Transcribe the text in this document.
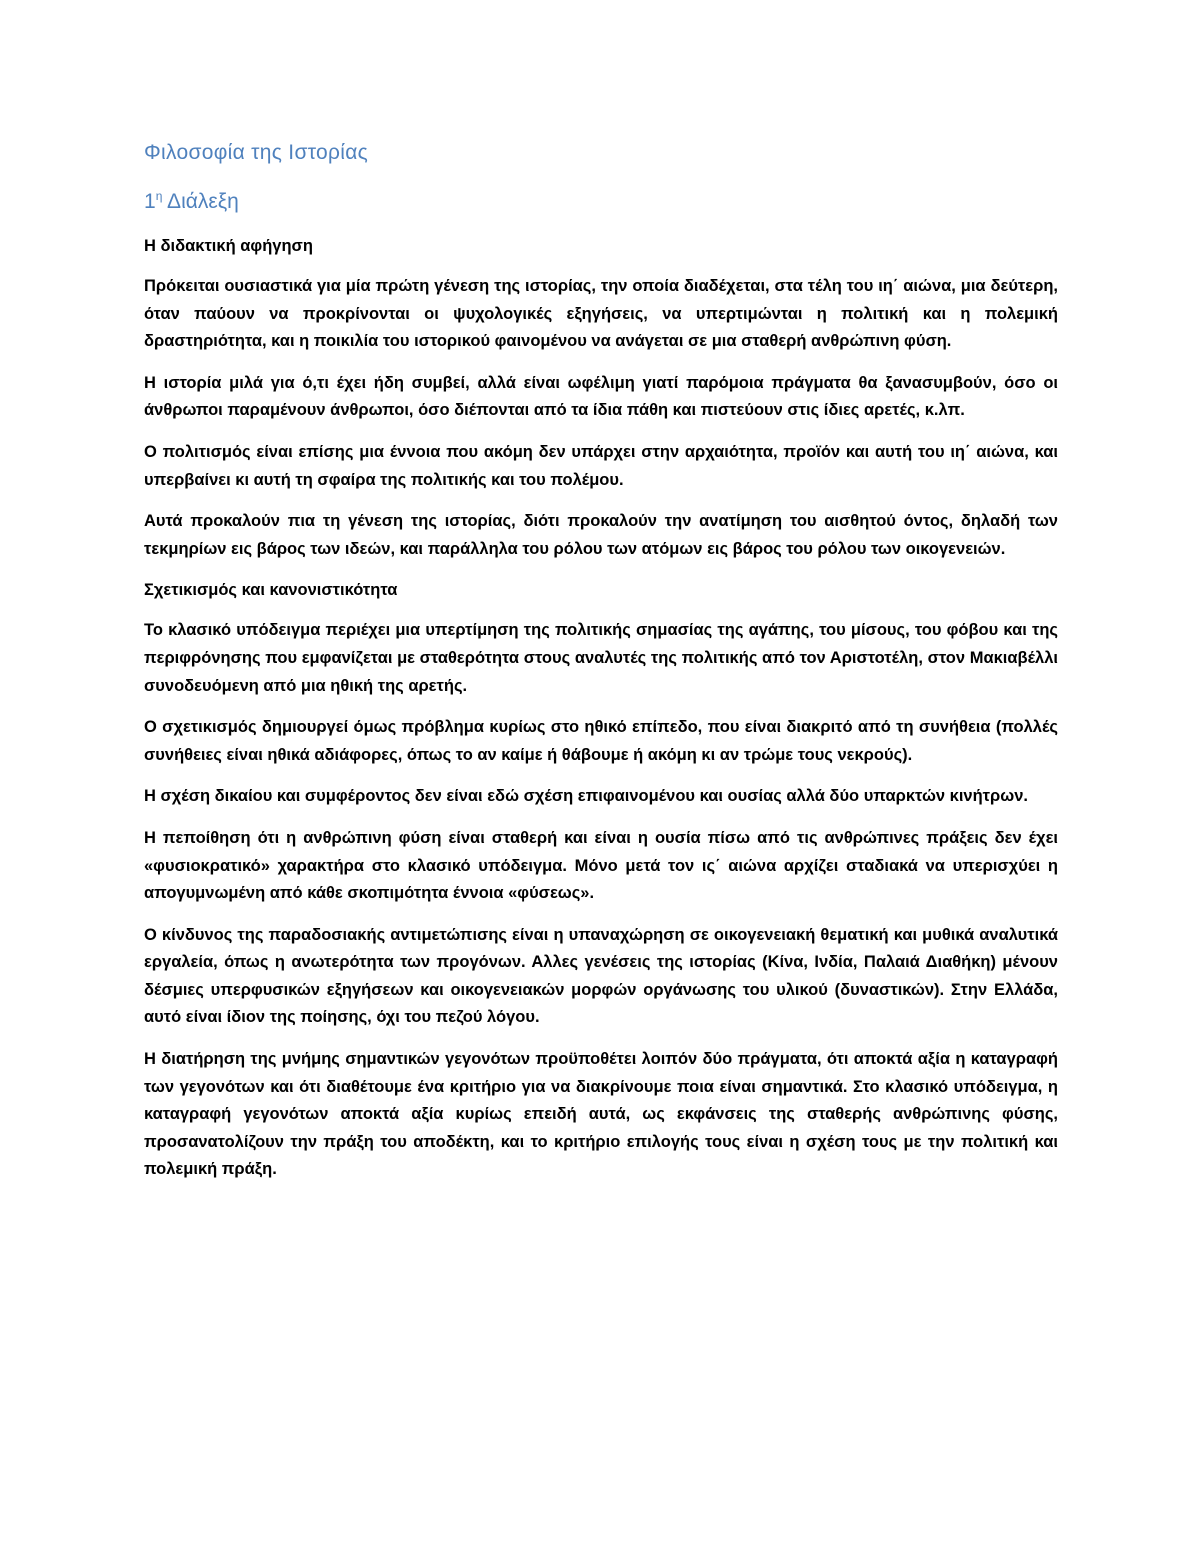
Φιλοσοφία της Ιστορίας
$1^\eta$ Διάλεξη
Η διδακτική αφήγηση

Πρόκειται ουσιαστικά για μία πρώτη γένεση της ιστορίας, την οποία διαδέχεται, στα τέλη του ιη΄ αιώνα, μια δεύτερη, όταν παύουν να προκρίνονται οι ψυχολογικές εξηγήσεις, να υπερτιμώνται η πολιτική και η πολεμική δραστηριότητα, και η ποικιλία του ιστορικού φαινομένου να ανάγεται σε μια σταθερή ανθρώπινη φύση.

Η ιστορία μιλά για ό,τι έχει ήδη συμβεί, αλλά είναι ωφέλιμη γιατί παρόμοια πράγματα θα ξανασυμβούν, όσο οι άνθρωποι παραμένουν άνθρωποι, όσο διέπονται από τα ίδια πάθη και πιστεύουν στις ίδιες αρετές, κ.λπ.

Ο πολιτισμός είναι επίσης μια έννοια που ακόμη δεν υπάρχει στην αρχαιότητα, προϊόν και αυτή του ιη΄ αιώνα, και υπερβαίνει κι αυτή τη σφαίρα της πολιτικής και του πολέμου.

Αυτά προκαλούν πια τη γένεση της ιστορίας, διότι προκαλούν την ανατίμηση του αισθητού όντος, δηλαδή των τεκμηρίων εις βάρος των ιδεών, και παράλληλα του ρόλου των ατόμων εις βάρος του ρόλου των οικογενειών.

Σχετικισμός και κανονιστικότητα

Το κλασικό υπόδειγμα περιέχει μια υπερτίμηση της πολιτικής σημασίας της αγάπης, του μίσους, του φόβου και της περιφρόνησης που εμφανίζεται με σταθερότητα στους αναλυτές της πολιτικής από τον Αριστοτέλη, στον Μακιαβέλλι συνοδευόμενη από μια ηθική της αρετής.

Ο σχετικισμός δημιουργεί όμως πρόβλημα κυρίως στο ηθικό επίπεδο, που είναι διακριτό από τη συνήθεια (πολλές συνήθειες είναι ηθικά αδιάφορες, όπως το αν καίμε ή θάβουμε ή ακόμη κι αν τρώμε τους νεκρούς).

Η σχέση δικαίου και συμφέροντος δεν είναι εδώ σχέση επιφαινομένου και ουσίας αλλά δύο υπαρκτών κινήτρων.

Η πεποίθηση ότι η ανθρώπινη φύση είναι σταθερή και είναι η ουσία πίσω από τις ανθρώπινες πράξεις δεν έχει «φυσιοκρατικό» χαρακτήρα στο κλασικό υπόδειγμα. Μόνο μετά τον ις΄ αιώνα αρχίζει σταδιακά να υπερισχύει η απογυμνωμένη από κάθε σκοπιμότητα έννοια «φύσεως».

Ο κίνδυνος της παραδοσιακής αντιμετώπισης είναι η υπαναχώρηση σε οικογενειακή θεματική και μυθικά αναλυτικά εργαλεία, όπως η ανωτερότητα των προγόνων. Αλλες γενέσεις της ιστορίας (Κίνα, Ινδία, Παλαιά Διαθήκη) μένουν δέσμιες υπερφυσικών εξηγήσεων και οικογενειακών μορφών οργάνωσης του υλικού (δυναστικών). Στην Ελλάδα, αυτό είναι ίδιον της ποίησης, όχι του πεζού λόγου.

Η διατήρηση της μνήμης σημαντικών γεγονότων προϋποθέτει λοιπόν δύο πράγματα, ότι αποκτά αξία η καταγραφή των γεγονότων και ότι διαθέτουμε ένα κριτήριο για να διακρίνουμε ποια είναι σημαντικά. Στο κλασικό υπόδειγμα, η καταγραφή γεγονότων αποκτά αξία κυρίως επειδή αυτά, ως εκφάνσεις της σταθερής ανθρώπινης φύσης, προσανατολίζουν την πράξη του αποδέκτη, και το κριτήριο επιλογής τους είναι η σχέση τους με την πολιτική και πολεμική πράξη.
